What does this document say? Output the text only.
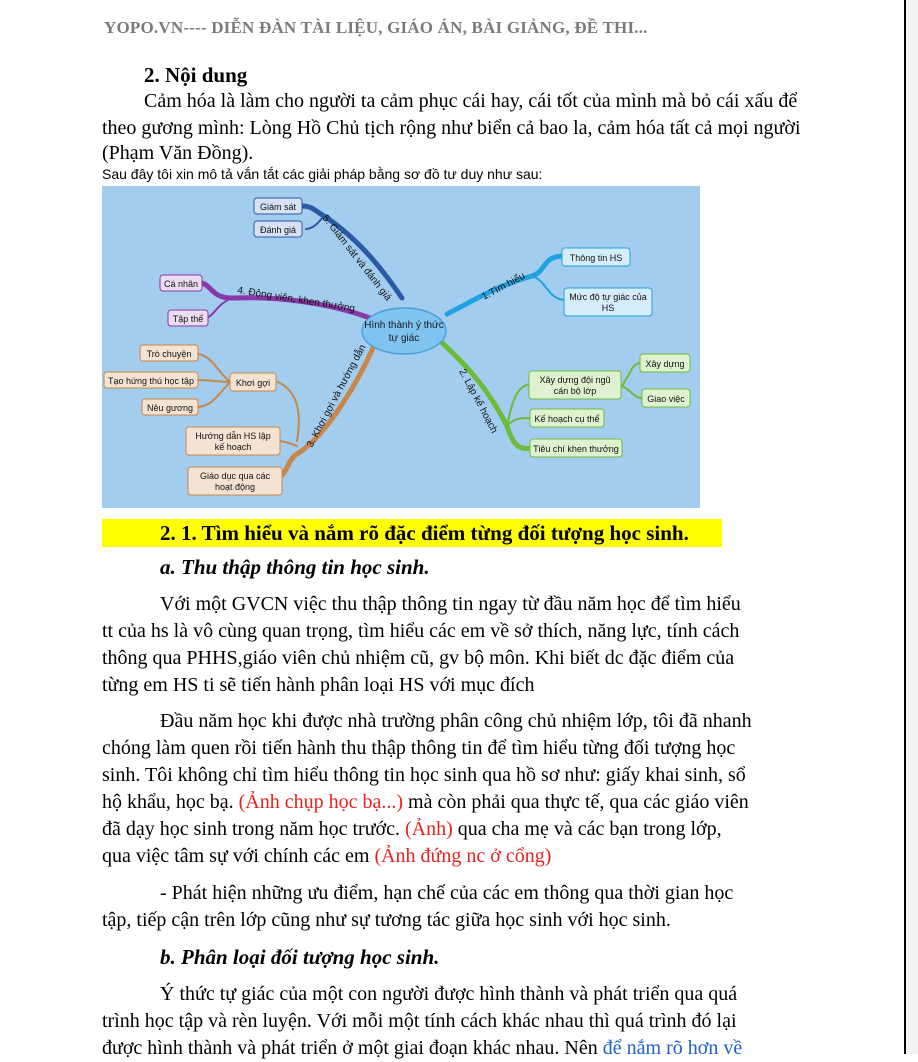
YOPO.VN---- DIỄN ĐÀN TÀI LIỆU, GIÁO ÁN, BÀI GIẢNG, ĐỀ THI...
2. Nội dung
Cảm hóa là làm cho người ta cảm phục cái hay, cái tốt của mình mà bỏ cái xấu để
theo gương mình: Lòng Hồ Chủ tịch rộng như biển cả bao la, cảm hóa tất cả mọi người
(Phạm Văn Đồng).
Sau đây tôi xin mô tả vắn tắt các giải pháp bằng sơ đồ tư duy như sau:
Hình thành ý thức
tự giác
1.Tìm hiểu
2. Lập kế hoạch
3. Khơi gợi và hướng dẫn
4. Động viên, khen thưởng
5. Giám sát và đánh giá	Thông tin HS
Mức độ tự giác của
HS
Xây dựng đội ngũ
cán bộ lớp
Xây dựng
Giao việc
Kế hoạch cụ thể
Tiêu chí khen thưởng
Khơi gợi
Trò chuyện
Tạo hứng thú học tập
Nêu gương
Hướng dẫn HS lập
kế hoạch
Giáo dục qua các
hoạt động
Cá nhân
Tập thể
Giám sát
Đánh giá
2. 1. Tìm hiểu và nắm rõ đặc điểm từng đối tượng học sinh.
a. Thu thập thông tin học sinh.
Với một GVCN việc thu thập thông tin ngay từ đầu năm học để tìm hiểu
tt của hs là vô cùng quan trọng, tìm hiểu các em về sở thích, năng lực, tính cách
thông qua PHHS,giáo viên chủ nhiệm cũ, gv bộ môn. Khi biết dc đặc điểm của
từng em HS ti sẽ tiến hành phân loại HS với mục đích
Đầu năm học khi được nhà trường phân công chủ nhiệm lớp, tôi đã nhanh
chóng làm quen rồi tiến hành thu thập thông tin để tìm hiểu từng đối tượng học
sinh. Tôi không chỉ tìm hiểu thông tin học sinh qua hồ sơ như: giấy khai sinh, sổ
hộ khẩu, học bạ. (Ảnh chụp học bạ...) mà còn phải qua thực tế, qua các giáo viên
đã dạy học sinh trong năm học trước. (Ảnh) qua cha mẹ và các bạn trong lớp,
qua việc tâm sự với chính các em (Ảnh đứng nc ở cổng)
- Phát hiện những ưu điểm, hạn chế của các em thông qua thời gian học
tập, tiếp cận trên lớp cũng như sự tương tác giữa học sinh với học sinh.
b. Phân loại đối tượng học sinh.
Ý thức tự giác của một con người được hình thành và phát triển qua quá
trình học tập và rèn luyện. Với mỗi một tính cách khác nhau thì quá trình đó lại
được hình thành và phát triển ở một giai đoạn khác nhau. Nên để nắm rõ hơn về
